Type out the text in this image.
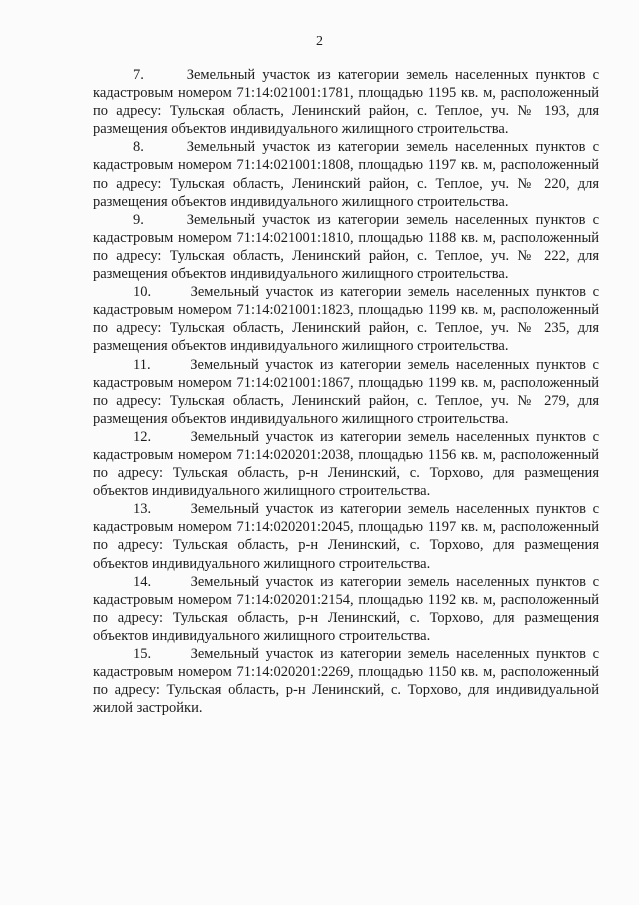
2

7.	Земельный участок из категории земель населенных пунктов с кадастровым номером 71:14:021001:1781, площадью 1195 кв. м, расположенный по адресу: Тульская область, Ленинский район, с. Теплое, уч. № 193, для размещения объектов индивидуального жилищного строительства.

8.	Земельный участок из категории земель населенных пунктов с кадастровым номером 71:14:021001:1808, площадью 1197 кв. м, расположенный по адресу: Тульская область, Ленинский район, с. Теплое, уч. № 220, для размещения объектов индивидуального жилищного строительства.

9.	Земельный участок из категории земель населенных пунктов с кадастровым номером 71:14:021001:1810, площадью 1188 кв. м, расположенный по адресу: Тульская область, Ленинский район, с. Теплое, уч. № 222, для размещения объектов индивидуального жилищного строительства.

10.	Земельный участок из категории земель населенных пунктов с кадастровым номером 71:14:021001:1823, площадью 1199 кв. м, расположенный по адресу: Тульская область, Ленинский район, с. Теплое, уч. № 235, для размещения объектов индивидуального жилищного строительства.

11.	Земельный участок из категории земель населенных пунктов с кадастровым номером 71:14:021001:1867, площадью 1199 кв. м, расположенный по адресу: Тульская область, Ленинский район, с. Теплое, уч. № 279, для размещения объектов индивидуального жилищного строительства.

12.	Земельный участок из категории земель населенных пунктов с кадастровым номером 71:14:020201:2038, площадью 1156 кв. м, расположенный по адресу: Тульская область, р-н Ленинский, с. Торхово, для размещения объектов индивидуального жилищного строительства.

13.	Земельный участок из категории земель населенных пунктов с кадастровым номером 71:14:020201:2045, площадью 1197 кв. м, расположенный по адресу: Тульская область, р-н Ленинский, с. Торхово, для размещения объектов индивидуального жилищного строительства.

14.	Земельный участок из категории земель населенных пунктов с кадастровым номером 71:14:020201:2154, площадью 1192 кв. м, расположенный по адресу: Тульская область, р-н Ленинский, с. Торхово, для размещения объектов индивидуального жилищного строительства.

15.	Земельный участок из категории земель населенных пунктов с кадастровым номером 71:14:020201:2269, площадью 1150 кв. м, расположенный по адресу: Тульская область, р-н Ленинский, с. Торхово, для индивидуальной жилой застройки.
